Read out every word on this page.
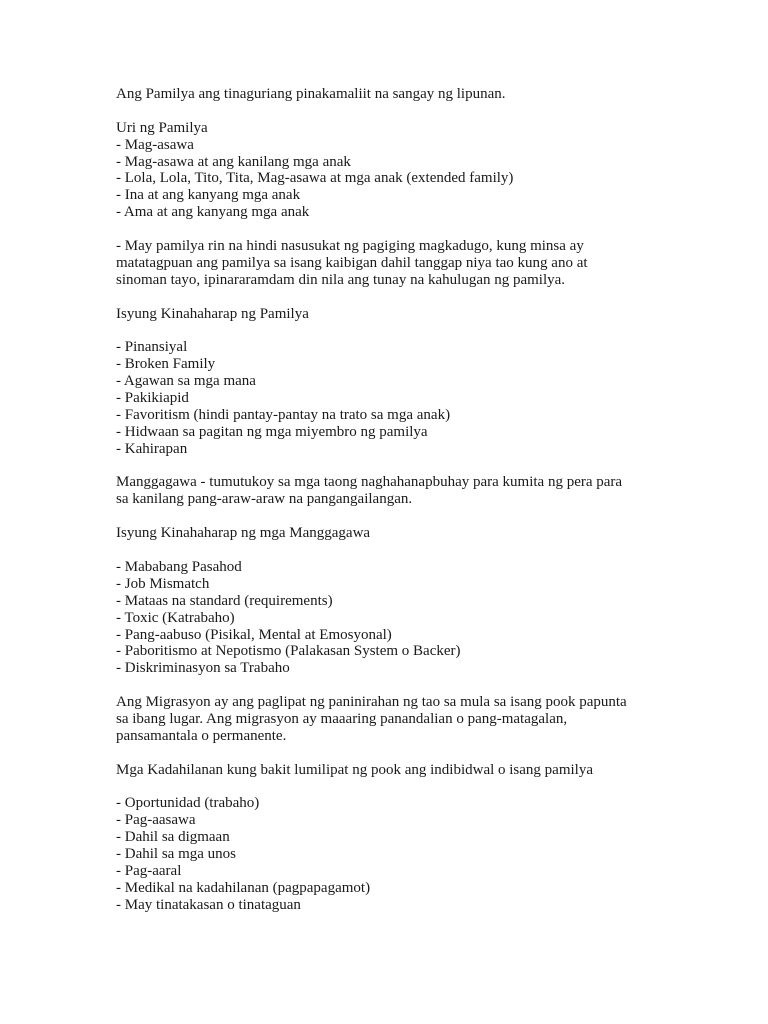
Ang Pamilya ang tinaguriang pinakamaliit na sangay ng lipunan.
Uri ng Pamilya
- Mag-asawa
- Mag-asawa at ang kanilang mga anak
- Lola, Lola, Tito, Tita, Mag-asawa at mga anak (extended family)
- Ina at ang kanyang mga anak
- Ama at ang kanyang mga anak
- May pamilya rin na hindi nasusukat ng pagiging magkadugo, kung minsa ay
matatagpuan ang pamilya sa isang kaibigan dahil tanggap niya tao kung ano at
sinoman tayo, ipinararamdam din nila ang tunay na kahulugan ng pamilya.
Isyung Kinahaharap ng Pamilya
- Pinansiyal
- Broken Family
- Agawan sa mga mana
- Pakikiapid
- Favoritism (hindi pantay-pantay na trato sa mga anak)
- Hidwaan sa pagitan ng mga miyembro ng pamilya
- Kahirapan
Manggagawa - tumutukoy sa mga taong naghahanapbuhay para kumita ng pera para
sa kanilang pang-araw-araw na pangangailangan.
Isyung Kinahaharap ng mga Manggagawa
- Mababang Pasahod
- Job Mismatch
- Mataas na standard (requirements)
- Toxic (Katrabaho)
- Pang-aabuso (Pisikal, Mental at Emosyonal)
- Paboritismo at Nepotismo (Palakasan System o Backer)
- Diskriminasyon sa Trabaho
Ang Migrasyon ay ang paglipat ng paninirahan ng tao sa mula sa isang pook papunta
sa ibang lugar. Ang migrasyon ay maaaring panandalian o pang-matagalan,
pansamantala o permanente.
Mga Kadahilanan kung bakit lumilipat ng pook ang indibidwal o isang pamilya
- Oportunidad (trabaho)
- Pag-aasawa
- Dahil sa digmaan
- Dahil sa mga unos
- Pag-aaral
- Medikal na kadahilanan (pagpapagamot)
- May tinatakasan o tinataguan
